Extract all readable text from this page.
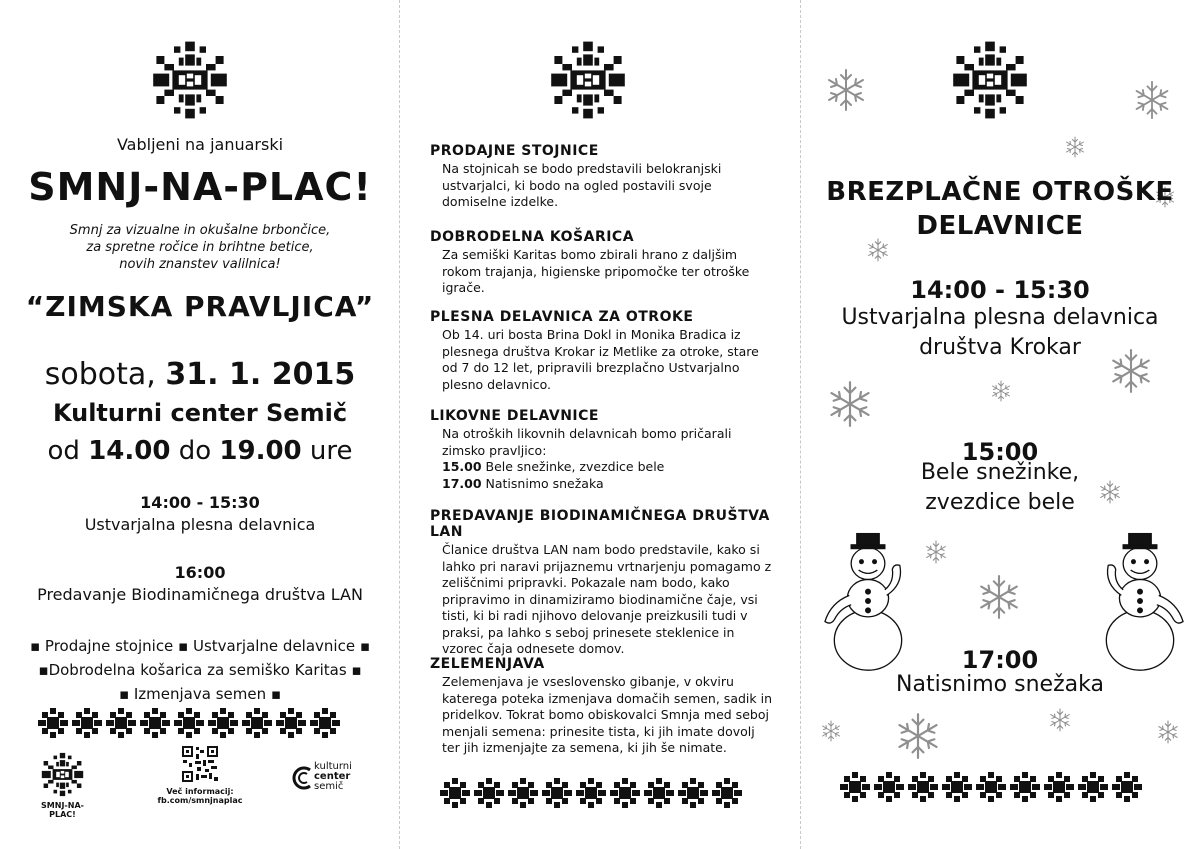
Vabljeni na januarski
SMNJ-NA-PLAC!
Smnj za vizualne in okušalne brbončice,
za spretne ročice in brihtne betice,
novih znanstev valilnica!
“ZIMSKA PRAVLJICA”
sobota, 31. 1. 2015
Kulturni center Semič
od 14.00 do 19.00 ure
14:00 - 15:30
Ustvarjalna plesna delavnica
16:00
Predavanje Biodinamičnega društva LAN
▪ Prodajne stojnice ▪ Ustvarjalne delavnice ▪
▪Dobrodelna košarica za semiško Karitas ▪
▪ Izmenjava semen ▪
SMNJ-NA-PLAC!
Več informacij:
fb.com/smnjnaplac
kulturni
center
semič
PRODAJNE STOJNICE

Na stojnicah se bodo predstavili belokranjski ustvarjalci, ki bodo na ogled postavili svoje domiselne izdelke.

DOBRODELNA KOŠARICA

Za semiški Karitas bomo zbirali hrano z daljšim rokom trajanja, higienske pripomočke ter otroške igrače.

PLESNA DELAVNICA ZA OTROKE

Ob 14. uri bosta Brina Dokl in Monika Bradica iz plesnega društva Krokar iz Metlike za otroke, stare od 7 do 12 let, pripravili brezplačno Ustvarjalno plesno delavnico.

LIKOVNE DELAVNICE

Na otroških likovnih delavnicah bomo pričarali zimsko pravljico:

15.00 Bele snežinke, zvezdice bele

17.00 Natisnimo snežaka

PREDAVANJE BIODINAMIČNEGA DRUŠTVA LAN

Članice društva LAN nam bodo predstavile, kako si lahko pri naravi prijaznemu vrtnarjenju pomagamo z zeliščnimi pripravki. Pokazale nam bodo, kako pripravimo in dinamiziramo biodinamične čaje, vsi tisti, ki bi radi njihovo delovanje preizkusili tudi v praksi, pa lahko s seboj prinesete steklenice in vzorec čaja odnesete domov.

ZELEMENJAVA

Zelemenjava je vseslovensko gibanje, v okviru katerega poteka izmenjava domačih semen, sadik in pridelkov. Tokrat bomo obiskovalci Smnja med seboj menjali semena: prinesite tista, ki jih imate dovolj ter jih izmenjajte za semena, ki jih še nimate.

BREZPLAČNE OTROŠKE
DELAVNICE
14:00 - 15:30
Ustvarjalna plesna delavnica
društva Krokar
15:00
Bele snežinke,
zvezdice bele
17:00
Natisnimo snežaka
